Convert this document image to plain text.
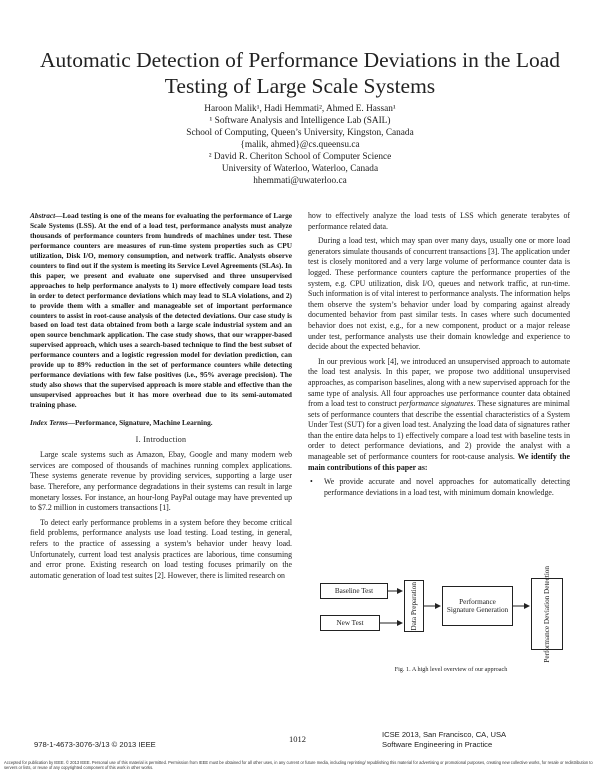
Automatic Detection of Performance Deviations in the Load Testing of Large Scale Systems
Haroon Malik¹, Hadi Hemmati², Ahmed E. Hassan¹
¹ Software Analysis and Intelligence Lab (SAIL)
School of Computing, Queen’s University, Kingston, Canada
{malik, ahmed}@cs.queensu.ca
² David R. Cheriton School of Computer Science
University of Waterloo, Waterloo, Canada
hhemmati@uwaterloo.ca

Abstract—Load testing is one of the means for evaluating the performance of Large Scale Systems (LSS). At the end of a load test, performance analysts must analyze thousands of performance counters from hundreds of machines under test. These performance counters are measures of run-time system properties such as CPU utilization, Disk I/O, memory consumption, and network traffic. Analysts observe counters to find out if the system is meeting its Service Level Agreements (SLAs). In this paper, we present and evaluate one supervised and three unsupervised approaches to help performance analysts to 1) more effectively compare load tests in order to detect performance deviations which may lead to SLA violations, and 2) to provide them with a smaller and manageable set of important performance counters to assist in root-cause analysis of the detected deviations. Our case study is based on load test data obtained from both a large scale industrial system and an open source benchmark application. The case study shows, that our wrapper-based supervised approach, which uses a search-based technique to find the best subset of performance counters and a logistic regression model for deviation prediction, can provide up to 89% reduction in the set of performance counters while detecting performance deviations with few false positives (i.e., 95% average precision). The study also shows that the supervised approach is more stable and effective than the unsupervised approaches but it has more overhead due to its semi-automated training phase.

Index Terms—Performance, Signature, Machine Learning.
I. Introduction

Large scale systems such as Amazon, Ebay, Google and many modern web services are composed of thousands of machines running complex applications. These systems generate revenue by providing services, supporting a large user base. Therefore, any performance degradations in their systems can result in large monetary losses. For instance, an hour-long PayPal outage may have prevented up to $7.2 million in customers transactions [1].

To detect early performance problems in a system before they become critical field problems, performance analysts use load testing. Load testing, in general, refers to the practice of assessing a system’s behavior under heavy load. Unfortunately, current load test analysis practices are laborious, time consuming and error prone. Existing research on load testing focuses primarily on the automatic generation of load test suites [2]. However, there is limited research on

how to effectively analyze the load tests of LSS which generate terabytes of performance related data.

During a load test, which may span over many days, usually one or more load generators simulate thousands of concurrent transactions [3]. The application under test is closely monitored and a very large volume of performance counter data is logged. These performance counters capture the performance properties of the system, e.g. CPU utilization, disk I/O, queues and network traffic, at run-time. Such information is of vital interest to performance analysts. The information helps them observe the system’s behavior under load by comparing against already documented behavior from past similar tests. In cases where such documented behavior does not exist, e.g., for a new component, product or a major release under test, performance analysts use their domain knowledge and experience to decide about the expected behavior.

In our previous work [4], we introduced an unsupervised approach to automate the load test analysis. In this paper, we propose two additional unsupervised approaches, as comparison baselines, along with a new supervised approach for the same type of analysis. All four approaches use performance counter data obtained from a load test to construct performance signatures. These signatures are minimal sets of performance counters that describe the essential characteristics of a System Under Test (SUT) for a given load test. Analyzing the load data of signatures rather than the entire data helps to 1) effectively compare a load test with baseline tests in order to detect performance deviations, and 2) provide the analyst with a manageable set of performance counters for root-cause analysis. We identify the main contributions of this paper as:

•	We provide accurate and novel approaches for automatically detecting performance deviations in a load test, with minimum domain knowledge.
Baseline Test
New Test	Data Preparation	Performance Signature Generation	Performance Deviation Detection
Fig. 1. A high level overview of our approach
978-1-4673-3076-3/13 © 2013 IEEE
1012	ICSE 2013, San Francisco, CA, USA
Software Engineering in Practice
Accepted for publication by IEEE. © 2013 IEEE. Personal use of this material is permitted. Permission from IEEE must be obtained for all other uses, in any current or future media, including reprinting/ republishing this material for advertising or promotional purposes, creating new collective works, for resale or redistribution to servers or lists, or reuse of any copyrighted component of this work in other works.
